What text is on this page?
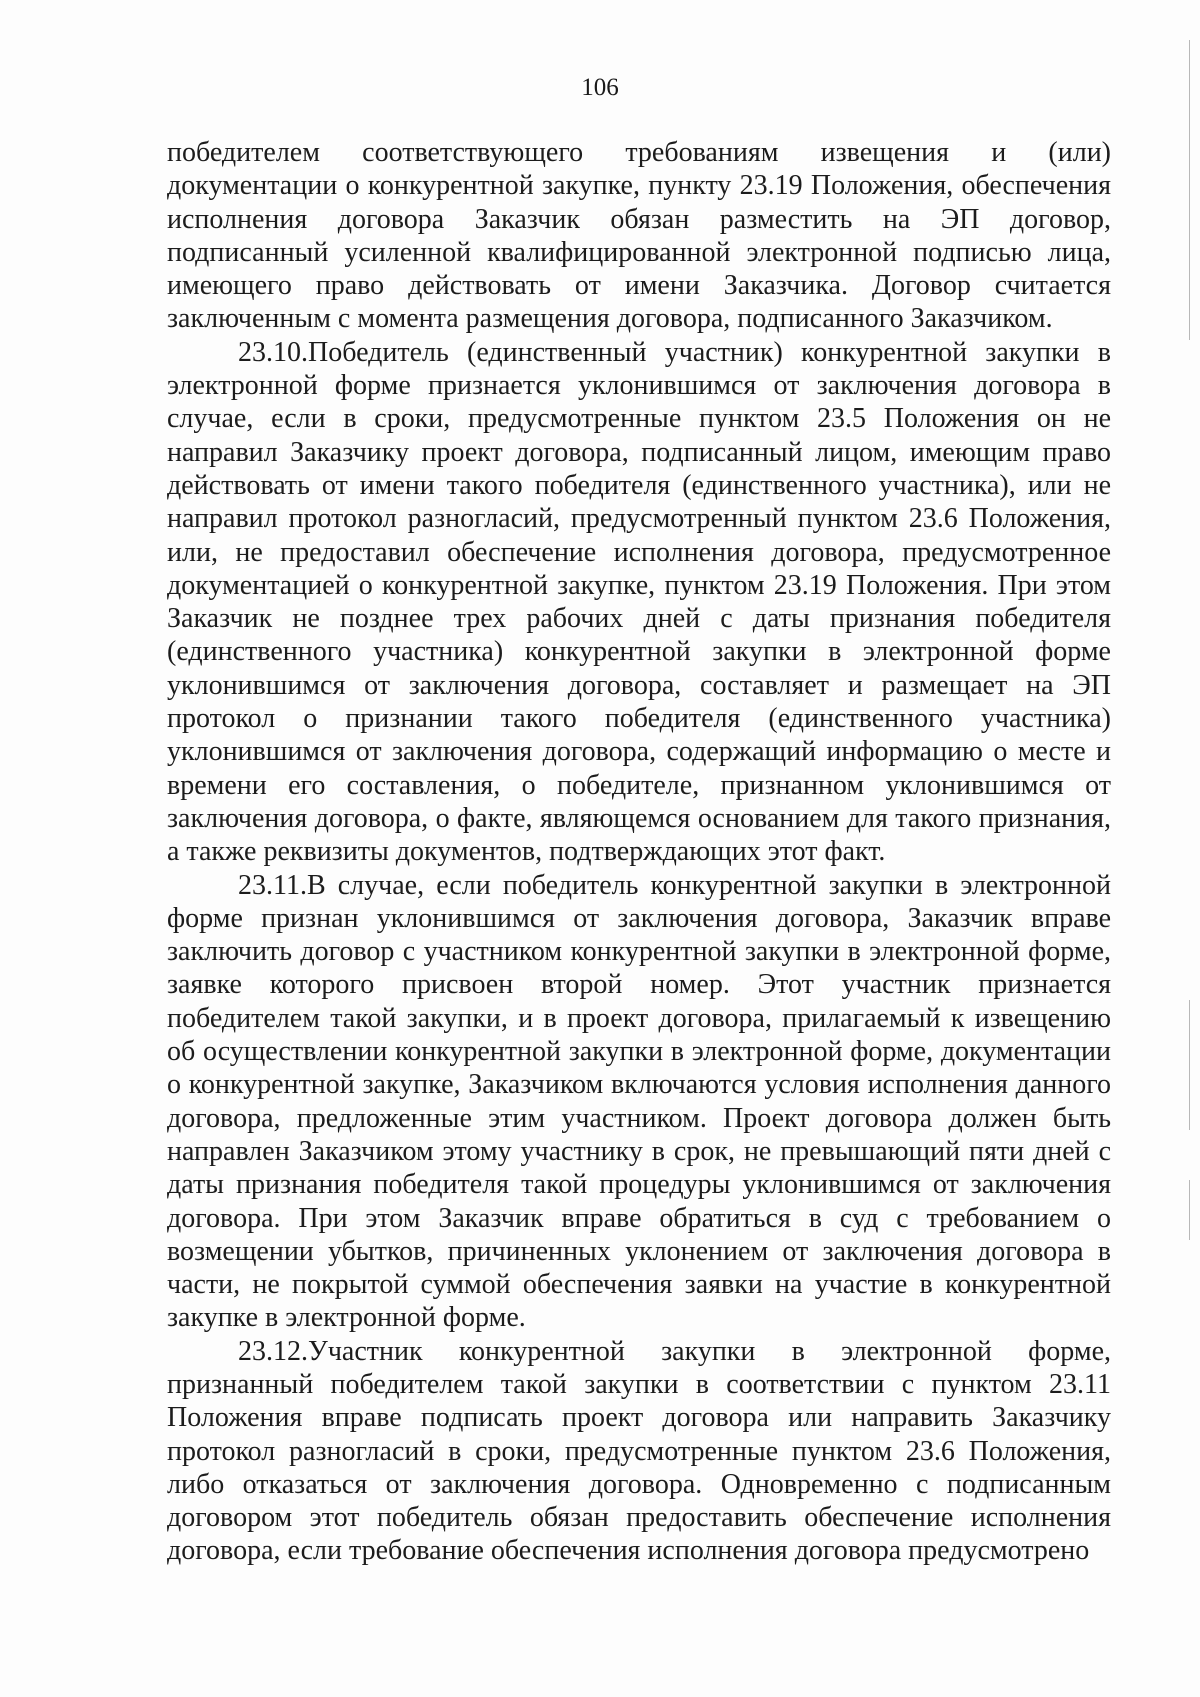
106

победителем соответствующего требованиям извещения и (или) документации о конкурентной закупке, пункту 23.19 Положения, обеспечения исполнения договора Заказчик обязан разместить на ЭП договор, подписанный усиленной квалифицированной электронной подписью лица, имеющего право действовать от имени Заказчика. Договор считается заключенным с момента размещения договора, подписанного Заказчиком.

23.10.Победитель (единственный участник) конкурентной закупки в электронной форме признается уклонившимся от заключения договора в случае, если в сроки, предусмотренные пунктом 23.5 Положения он не направил Заказчику проект договора, подписанный лицом, имеющим право действовать от имени такого победителя (единственного участника), или не направил протокол разногласий, предусмотренный пунктом 23.6 Положения, или, не предоставил обеспечение исполнения договора, предусмотренное документацией о конкурентной закупке, пунктом 23.19 Положения. При этом Заказчик не позднее трех рабочих дней с даты признания победителя (единственного участника) конкурентной закупки в электронной форме уклонившимся от заключения договора, составляет и размещает на ЭП протокол о признании такого победителя (единственного участника) уклонившимся от заключения договора, содержащий информацию о месте и времени его составления, о победителе, признанном уклонившимся от заключения договора, о факте, являющемся основанием для такого признания, а также реквизиты документов, подтверждающих этот факт.

23.11.В случае, если победитель конкурентной закупки в электронной форме признан уклонившимся от заключения договора, Заказчик вправе заключить договор с участником конкурентной закупки в электронной форме, заявке которого присвоен второй номер. Этот участник признается победителем такой закупки, и в проект договора, прилагаемый к извещению об осуществлении конкурентной закупки в электронной форме, документации о конкурентной закупке, Заказчиком включаются условия исполнения данного договора, предложенные этим участником. Проект договора должен быть направлен Заказчиком этому участнику в срок, не превышающий пяти дней с даты признания победителя такой процедуры уклонившимся от заключения договора. При этом Заказчик вправе обратиться в суд с требованием о возмещении убытков, причиненных уклонением от заключения договора в части, не покрытой суммой обеспечения заявки на участие в конкурентной закупке в электронной форме.

23.12.Участник конкурентной закупки в электронной форме, признанный победителем такой закупки в соответствии с пунктом 23.11 Положения вправе подписать проект договора или направить Заказчику протокол разногласий в сроки, предусмотренные пунктом 23.6 Положения, либо отказаться от заключения договора. Одновременно с подписанным договором этот победитель обязан предоставить обеспечение исполнения договора, если требование обеспечения исполнения договора предусмотрено
